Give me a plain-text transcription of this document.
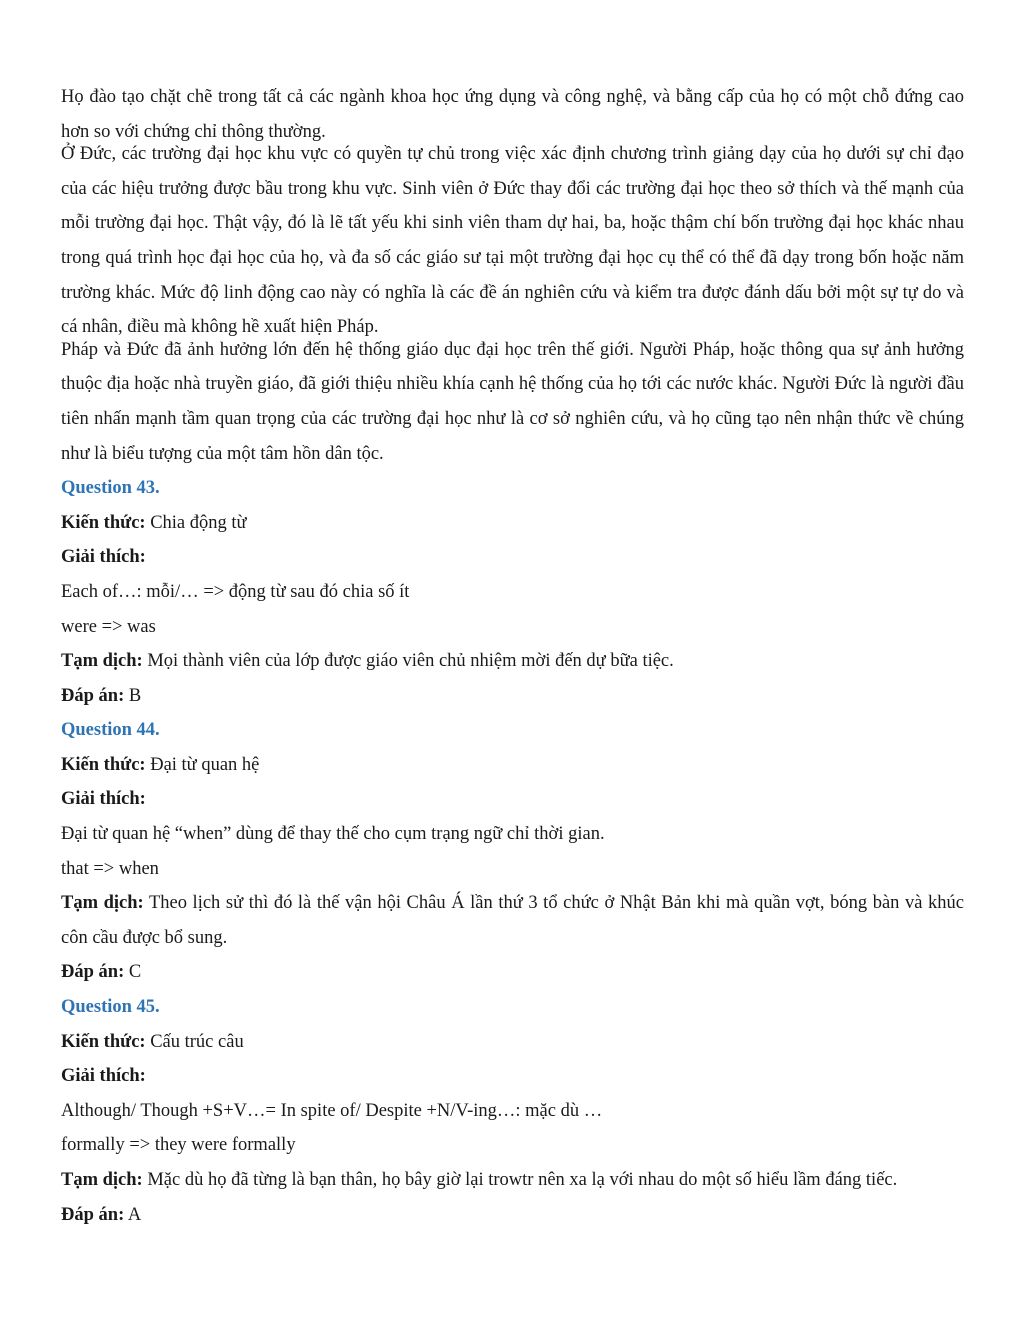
Họ đào tạo chặt chẽ trong tất cả các ngành khoa học ứng dụng và công nghệ, và bằng cấp của họ có một chỗ đứng cao hơn so với chứng chỉ thông thường.

Ở Đức, các trường đại học khu vực có quyền tự chủ trong việc xác định chương trình giảng dạy của họ dưới sự chỉ đạo của các hiệu trưởng được bầu trong khu vực. Sinh viên ở Đức thay đổi các trường đại học theo sở thích và thế mạnh của mỗi trường đại học. Thật vậy, đó là lẽ tất yếu khi sinh viên tham dự hai, ba, hoặc thậm chí bốn trường đại học khác nhau trong quá trình học đại học của họ, và đa số các giáo sư tại một trường đại học cụ thể có thể đã dạy trong bốn hoặc năm trường khác. Mức độ linh động cao này có nghĩa là các đề án nghiên cứu và kiểm tra được đánh dấu bởi một sự tự do và cá nhân, điều mà không hề xuất hiện Pháp.

Pháp và Đức đã ảnh hưởng lớn đến hệ thống giáo dục đại học trên thế giới. Người Pháp, hoặc thông qua sự ảnh hưởng thuộc địa hoặc nhà truyền giáo, đã giới thiệu nhiều khía cạnh hệ thống của họ tới các nước khác. Người Đức là người đầu tiên nhấn mạnh tầm quan trọng của các trường đại học như là cơ sở nghiên cứu, và họ cũng tạo nên nhận thức về chúng như là biểu tượng của một tâm hồn dân tộc.

Question 43.

Kiến thức: Chia động từ

Giải thích:

Each of…: mỗi/… => động từ sau đó chia số ít

were => was

Tạm dịch: Mọi thành viên của lớp được giáo viên chủ nhiệm mời đến dự bữa tiệc.

Đáp án: B

Question 44.

Kiến thức: Đại từ quan hệ

Giải thích:

Đại từ quan hệ “when” dùng để thay thế cho cụm trạng ngữ chỉ thời gian.

that => when

Tạm dịch: Theo lịch sử thì đó là thế vận hội Châu Á lần thứ 3 tổ chức ở Nhật Bản khi mà quần vợt, bóng bàn và khúc côn cầu được bổ sung.

Đáp án: C

Question 45.

Kiến thức: Cấu trúc câu

Giải thích:

Although/ Though +S+V…= In spite of/ Despite +N/V-ing…: mặc dù …

formally => they were formally

Tạm dịch: Mặc dù họ đã từng là bạn thân, họ bây giờ lại trowtr nên xa lạ với nhau do một số hiểu lầm đáng tiếc.

Đáp án: A
